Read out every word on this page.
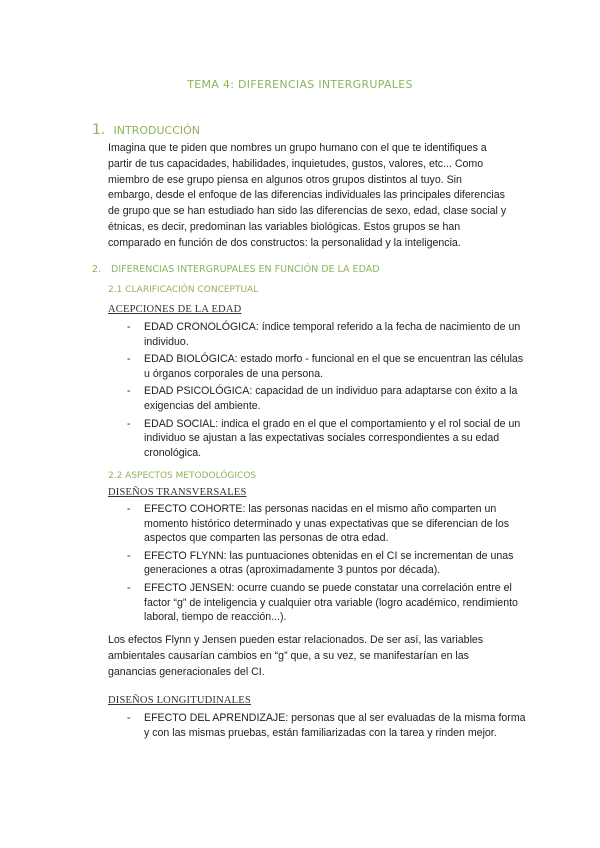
TEMA 4: DIFERENCIAS INTERGRUPALES
1. INTRODUCCIÓN
Imagina que te piden que nombres un grupo humano con el que te identifiques a partir de tus capacidades, habilidades, inquietudes, gustos, valores, etc... Como miembro de ese grupo piensa en algunos otros grupos distintos al tuyo. Sin embargo, desde el enfoque de las diferencias individuales las principales diferencias de grupo que se han estudiado han sido las diferencias de sexo, edad, clase social y étnicas, es decir, predominan las variables biológicas. Estos grupos se han comparado en función de dos constructos: la personalidad y la inteligencia.
2. DIFERENCIAS INTERGRUPALES EN FUNCIÓN DE LA EDAD
2.1 CLARIFICACIÓN CONCEPTUAL
ACEPCIONES DE LA EDAD
- EDAD CRONOLÓGICA: índice temporal referido a la fecha de nacimiento de un individuo.
- EDAD BIOLÓGICA: estado morfo - funcional en el que se encuentran las células u órganos corporales de una persona.
- EDAD PSICOLÓGICA: capacidad de un individuo para adaptarse con éxito a la exigencias del ambiente.
- EDAD SOCIAL: indica el grado en el que el comportamiento y el rol social de un individuo se ajustan a las expectativas sociales correspondientes a su edad cronológica.
2.2 ASPECTOS METODOLÓGICOS
DISEÑOS TRANSVERSALES
- EFECTO COHORTE: las personas nacidas en el mismo año comparten un momento histórico determinado y unas expectativas que se diferencian de los aspectos que comparten las personas de otra edad.
- EFECTO FLYNN: las puntuaciones obtenidas en el CI se incrementan de unas generaciones a otras (aproximadamente 3 puntos por década).
- EFECTO JENSEN: ocurre cuando se puede constatar una correlación entre el factor “g” de inteligencia y cualquier otra variable (logro académico, rendimiento laboral, tiempo de reacción...).
Los efectos Flynn y Jensen pueden estar relacionados. De ser así, las variables ambientales causarían cambios en “g” que, a su vez, se manifestarían en las ganancias generacionales del CI.
DISEÑOS LONGITUDINALES
- EFECTO DEL APRENDIZAJE: personas que al ser evaluadas de la misma forma y con las mismas pruebas, están familiarizadas con la tarea y rinden mejor.
